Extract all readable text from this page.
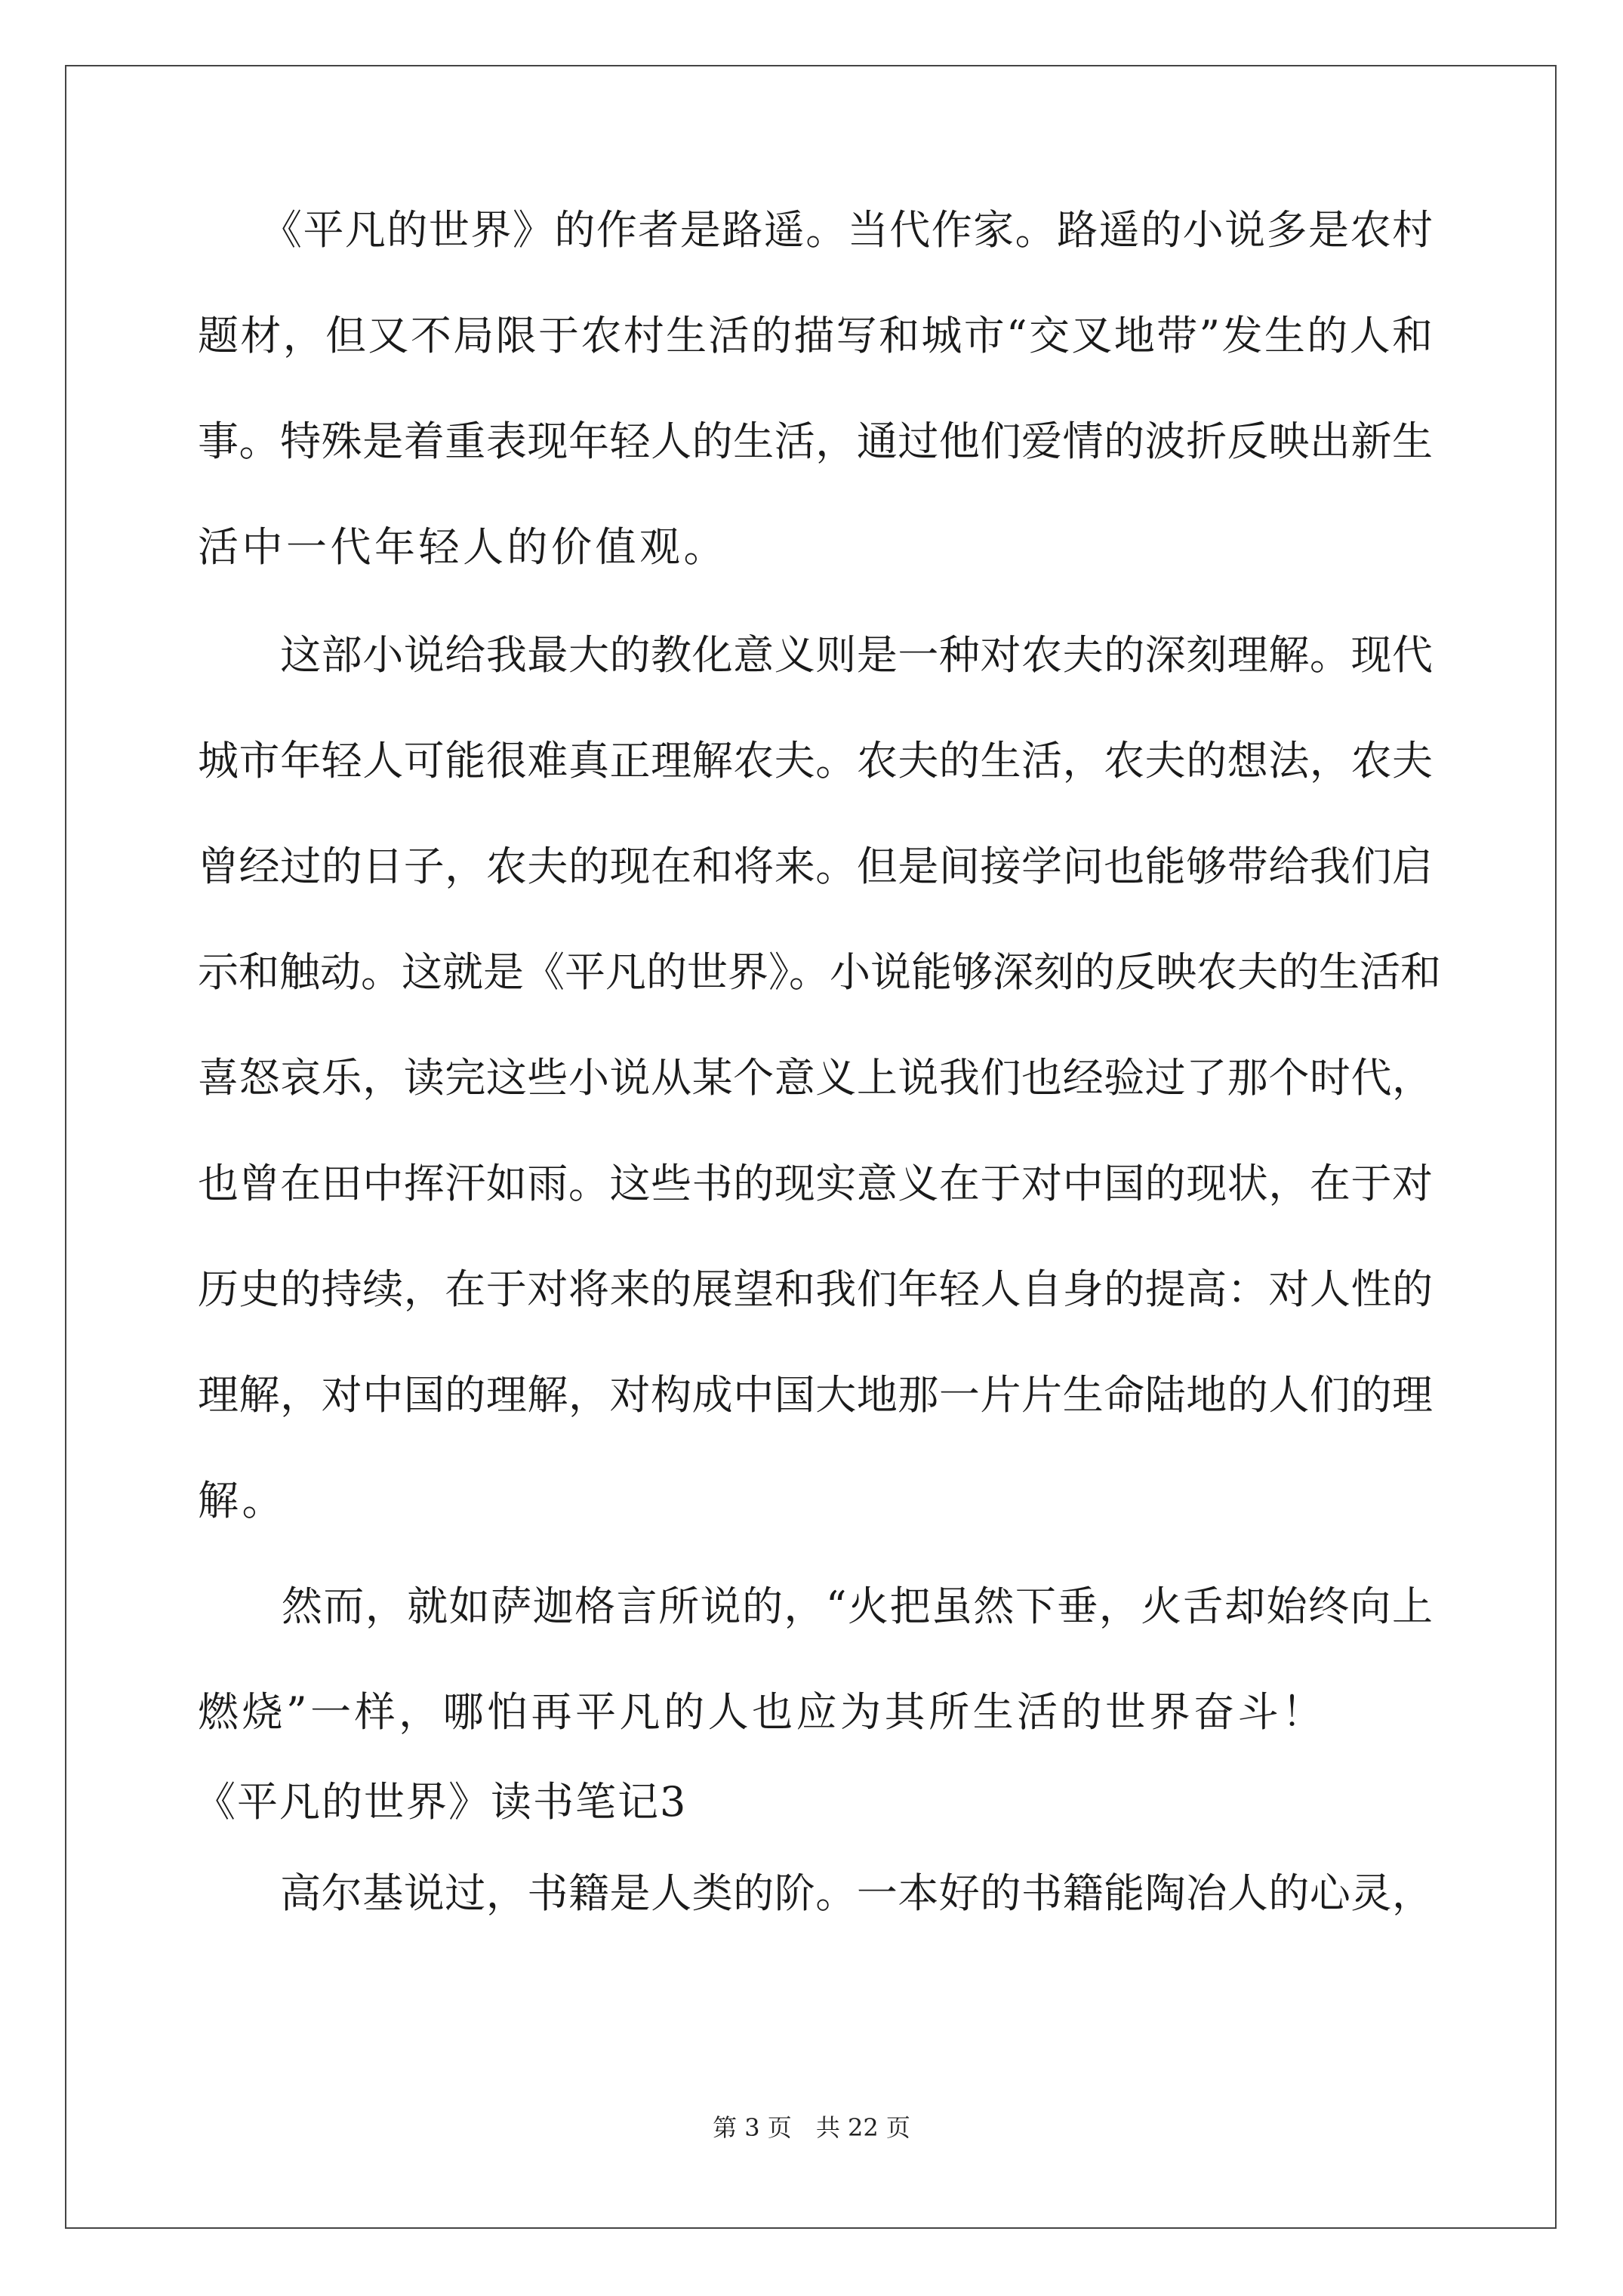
　　《平凡的世界》的作者是路遥。当代作家。路遥的小说多是农村
题材，但又不局限于农村生活的描写和城市“交叉地带”发生的人和
事。特殊是着重表现年轻人的生活，通过他们爱情的波折反映出新生
活中一代年轻人的价值观。
　　这部小说给我最大的教化意义则是一种对农夫的深刻理解。现代
城市年轻人可能很难真正理解农夫。农夫的生活，农夫的想法，农夫
曾经过的日子，农夫的现在和将来。但是间接学问也能够带给我们启
示和触动。这就是《平凡的世界》。小说能够深刻的反映农夫的生活和
喜怒哀乐，读完这些小说从某个意义上说我们也经验过了那个时代，
也曾在田中挥汗如雨。这些书的现实意义在于对中国的现状，在于对
历史的持续，在于对将来的展望和我们年轻人自身的提高：对人性的
理解，对中国的理解，对构成中国大地那一片片生命陆地的人们的理
解。
　　然而，就如萨迦格言所说的，“火把虽然下垂，火舌却始终向上
燃烧”一样，哪怕再平凡的人也应为其所生活的世界奋斗！
《平凡的世界》读书笔记3
　　高尔基说过，书籍是人类的阶。一本好的书籍能陶冶人的心灵，
第 3 页　 共 22 页
